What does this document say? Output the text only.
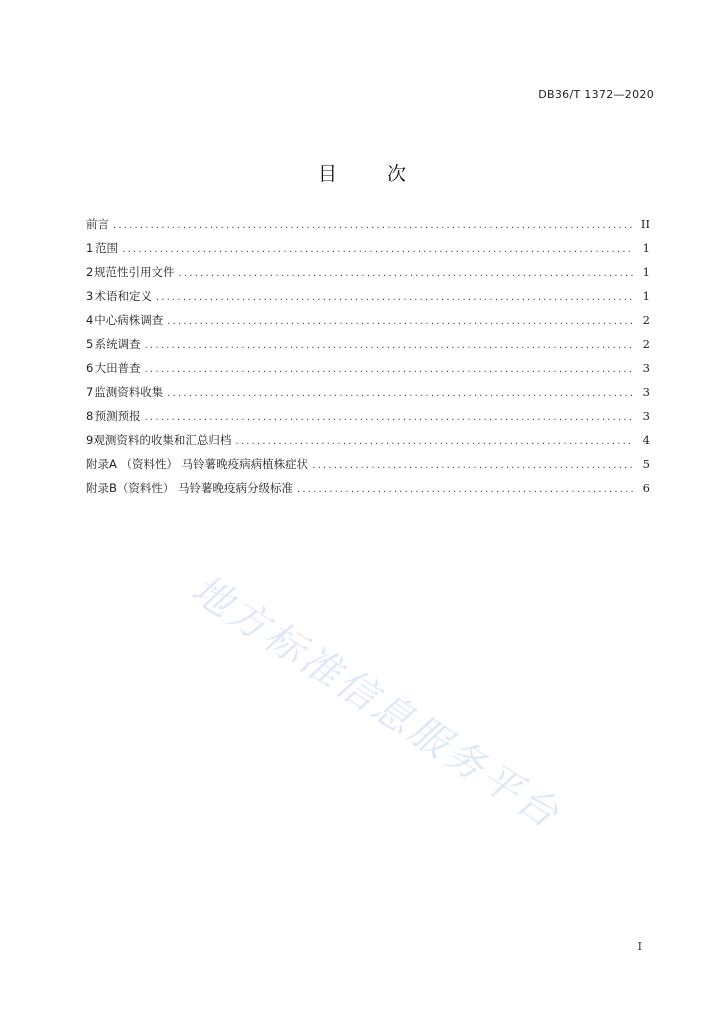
DB36/T 1372—2020
目 次
前言 .....	II
1 范围 .....	1
2 规范性引用文件 .....	1
3 术语和定义 .....	1
4 中心病株调查 .....	2
5 系统调查 .....	2
6 大田普查 .....	3
7 监测资料收集 .....	3
8 预测预报 .....	3
9 观测资料的收集和汇总归档 .....	4
附录A （资料性） 马铃薯晚疫病病植株症状 .....	5
附录B（资料性） 马铃薯晚疫病分级标准 .....	6
地方标准信息服务平台
I
